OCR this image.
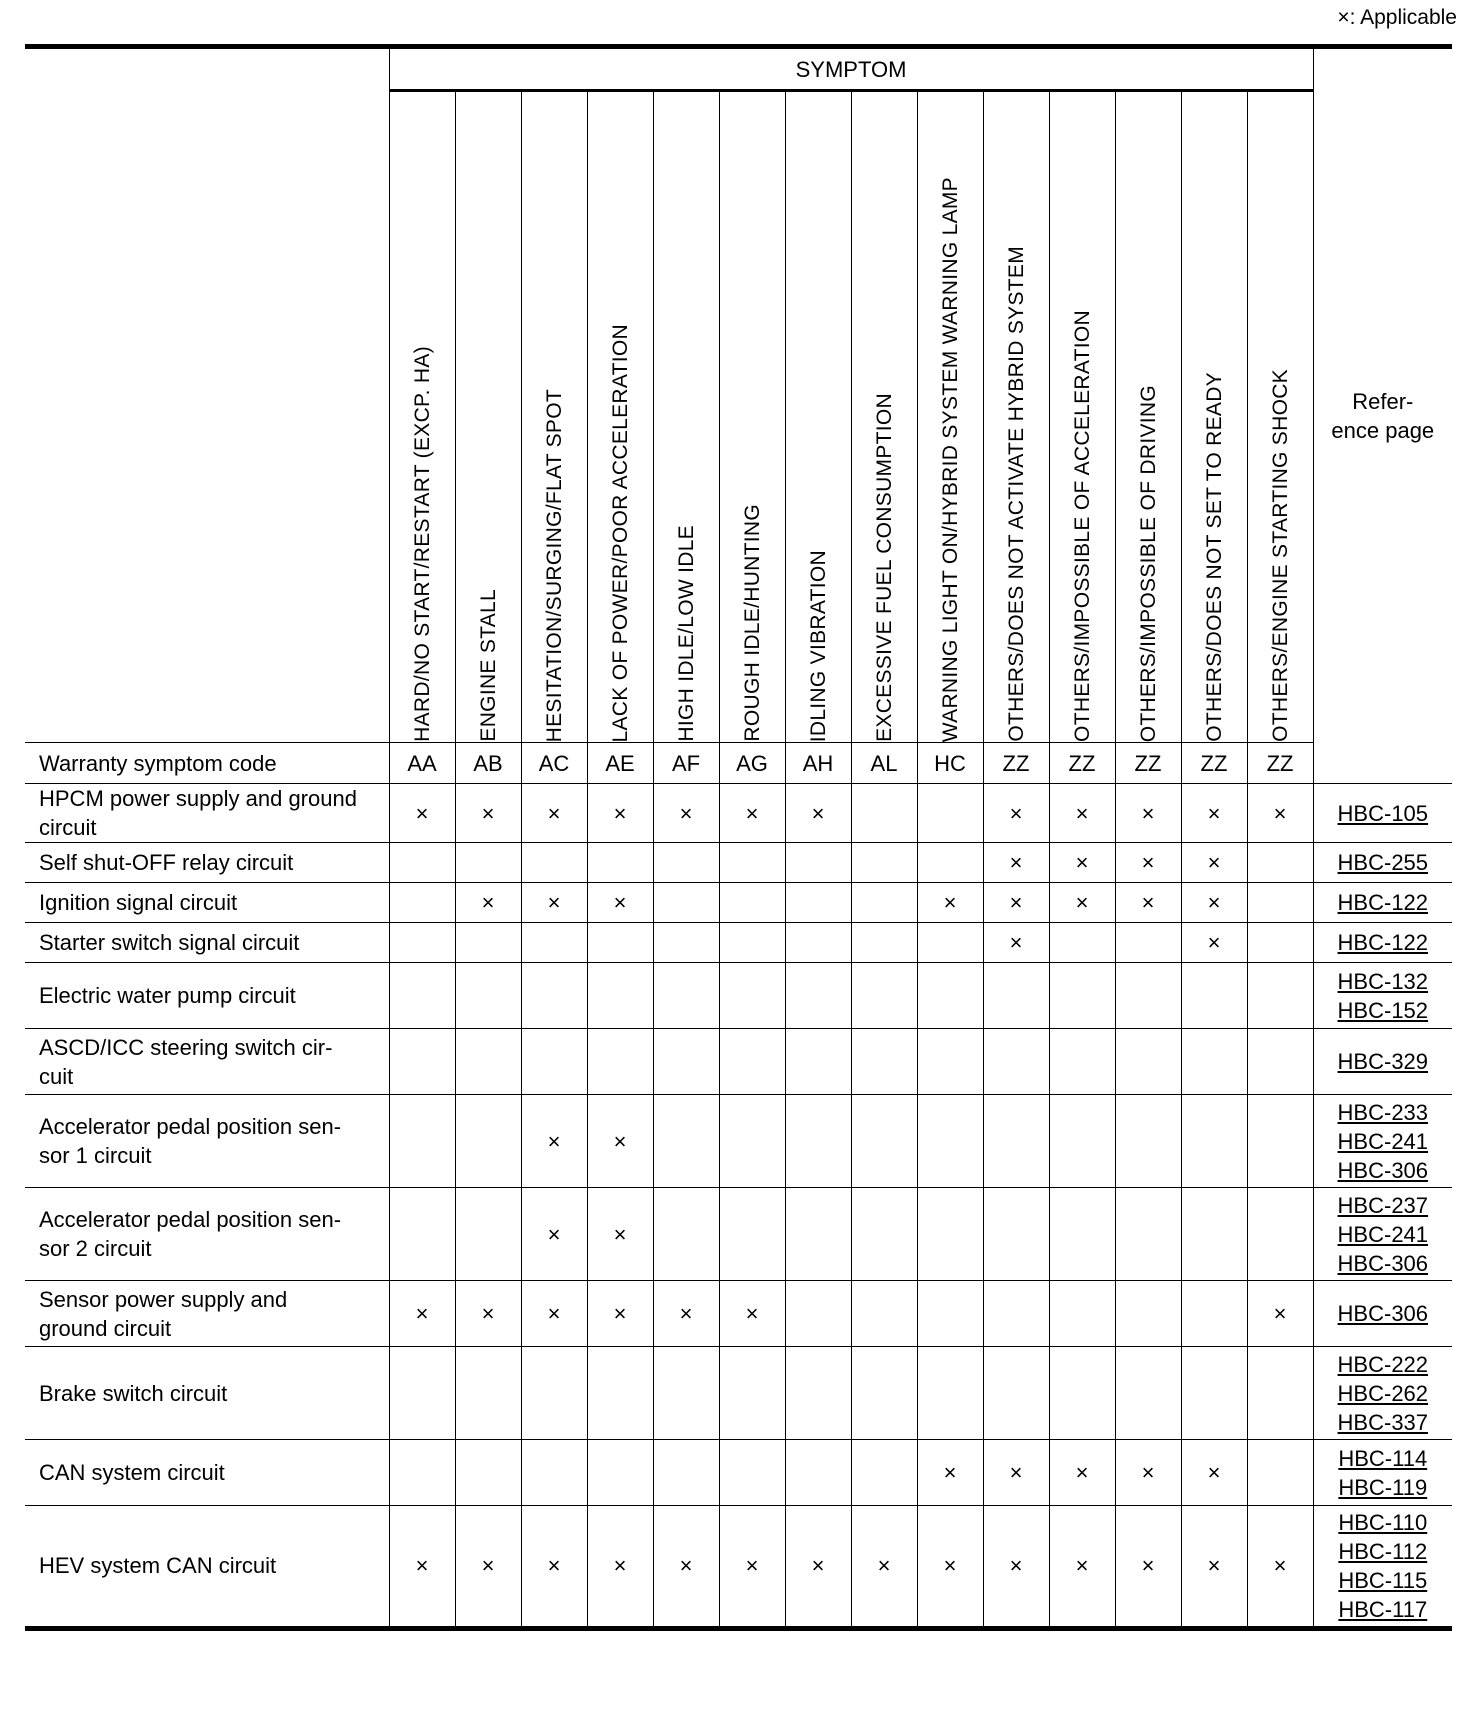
×: Applicable
	SYMPTOM														Refer-
ence page

	HARD/NO START/RESTART (EXCP. HA)	ENGINE STALL	HESITATION/SURGING/FLAT SPOT	LACK OF POWER/POOR ACCELERATION	HIGH IDLE/LOW IDLE	ROUGH IDLE/HUNTING	IDLING VIBRATION	EXCESSIVE FUEL CONSUMPTION	WARNING LIGHT ON/HYBRID SYSTEM WARNING LAMP	OTHERS/DOES NOT ACTIVATE HYBRID SYSTEM	OTHERS/IMPOSSIBLE OF ACCELERATION	OTHERS/IMPOSSIBLE OF DRIVING	OTHERS/DOES NOT SET TO READY	OTHERS/ENGINE STARTING SHOCK	

Warranty symptom code	AA	AB	AC	AE	AF	AG	AH	AL	HC	ZZ	ZZ	ZZ	ZZ	ZZ	
HPCM power supply and ground circuit	×	×	×	×	×	×	×			×	×	×	×	×	HBC-105

Self shut-OFF relay circuit										×	×	×	×		HBC-255

Ignition signal circuit		×	×	×					×	×	×	×	×		HBC-122

Starter switch signal circuit										×			×		HBC-122

Electric water pump circuit															HBC-132
HBC-152

ASCD/ICC steering switch cir-
cuit															HBC-329

Accelerator pedal position sen-
sor 1 circuit			×	×											HBC-233
HBC-241
HBC-306

Accelerator pedal position sen-
sor 2 circuit			×	×											HBC-237
HBC-241
HBC-306

Sensor power supply and
ground circuit	×	×	×	×	×	×								×	HBC-306

Brake switch circuit															HBC-222
HBC-262
HBC-337

CAN system circuit									×	×	×	×	×		HBC-114
HBC-119

HEV system CAN circuit	×	×	×	×	×	×	×	×	×	×	×	×	×	×	HBC-110
HBC-112
HBC-115
HBC-117
